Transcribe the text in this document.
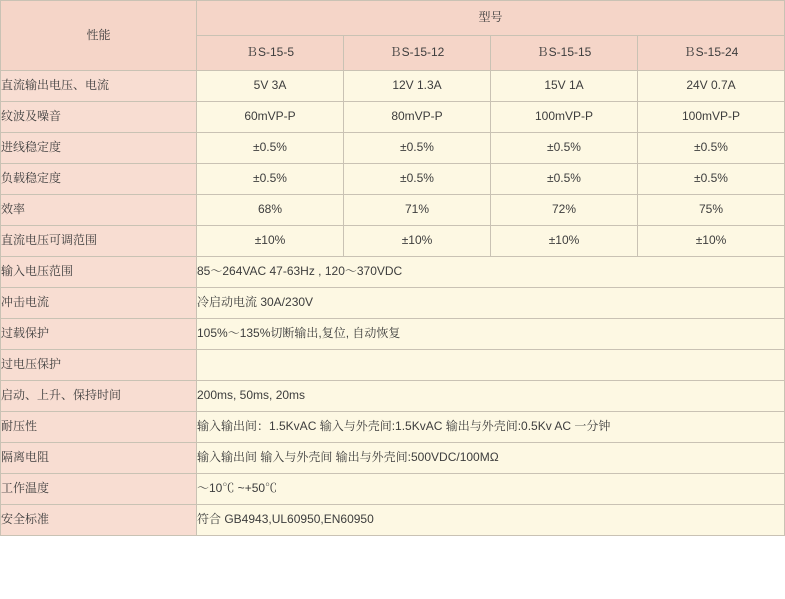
性能	型号			
	ＢS-15-5	ＢS-15-12	ＢS-15-15	ＢS-15-24
直流输出电压、电流	5V 3A	12V 1.3A	15V 1A	24V 0.7A
纹波及噪音	60mVP-P	80mVP-P	100mVP-P	100mVP-P
进线稳定度	±0.5%	±0.5%	±0.5%	±0.5%
负载稳定度	±0.5%	±0.5%	±0.5%	±0.5%
效率	68%	71%	72%	75%
直流电压可调范围	±10%	±10%	±10%	±10%
输入电压范围	85～264VAC 47-63Hz , 120～370VDC			
冲击电流	冷启动电流 30A/230V			
过载保护	105%～135%切断输出,复位, 自动恢复			
过电压保护				
启动、上升、保持时间	200ms, 50ms, 20ms			
耐压性	输入输出间：1.5KvAC 输入与外壳间:1.5KvAC 输出与外壳间:0.5Kv AC 一分钟			
隔离电阻	输入输出间 输入与外壳间 输出与外壳间:500VDC/100MΩ			
工作温度	～10℃ ~+50℃			
安全标准	符合 GB4943,UL60950,EN60950			
